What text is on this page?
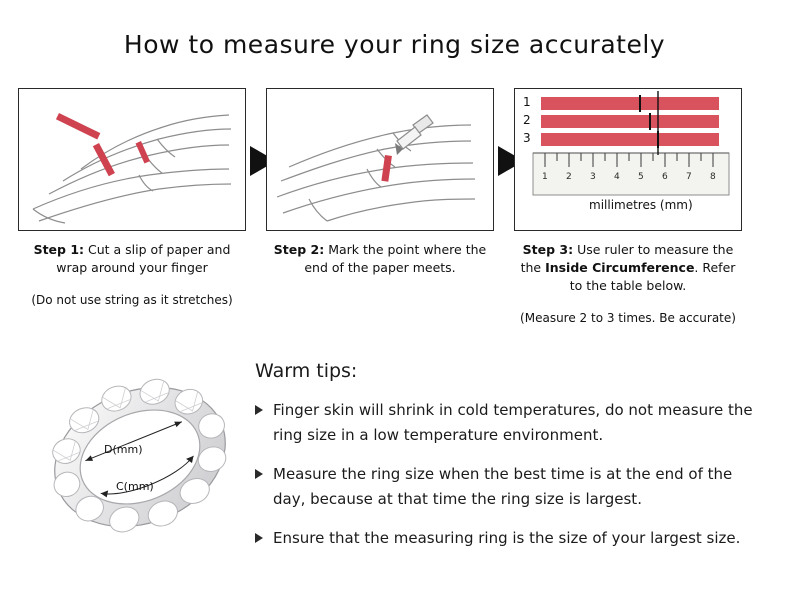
How to measure your ring size accurately
Step 1: Cut a slip of paper and wrap around your finger
(Do not use string as it stretches)
Step 2: Mark the point where the end of the paper meets.
1 2 3 4 5 6 7 8
millimetres (mm)
1
2
3
Step 3: Use ruler to measure the the Inside Circumference. Refer to the table below.
(Measure 2 to 3 times. Be accurate)
D(mm)
C(mm)
Warm tips:
Finger skin will shrink in cold temperatures, do not measure the ring size in a low temperature environment.
Measure the ring size when the best time is at the end of the day, because at that time the ring size is largest.
Ensure that the measuring ring is the size of your largest size.
